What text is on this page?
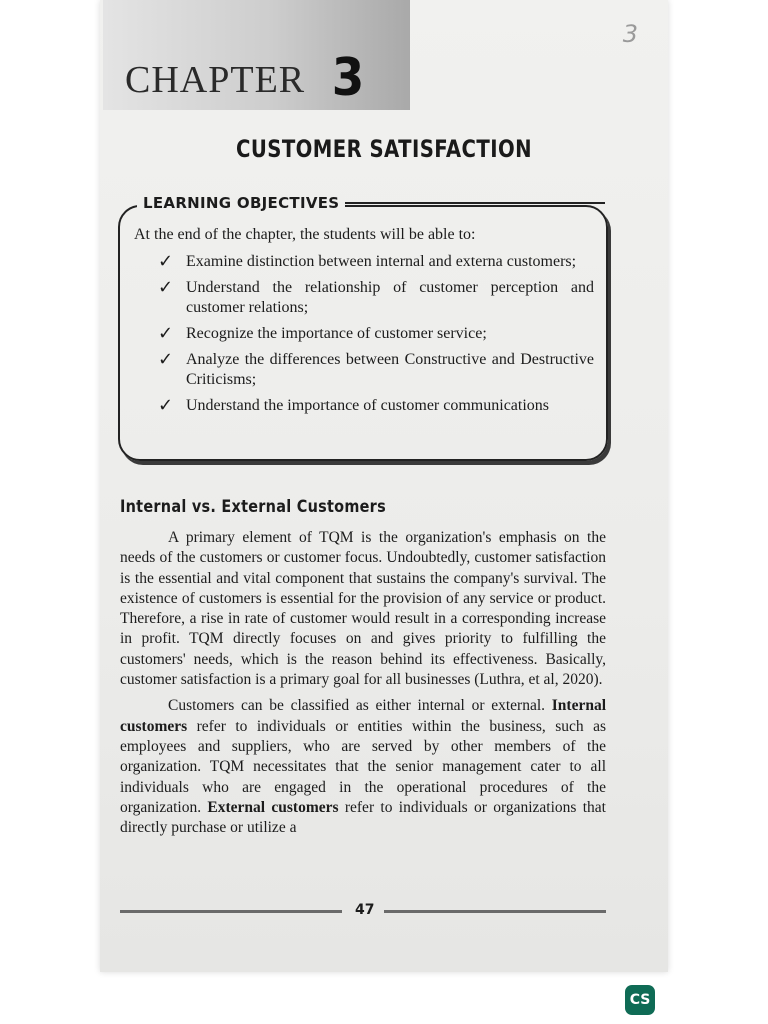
CHAPTER 3
3
CUSTOMER SATISFACTION
LEARNING OBJECTIVES
At the end of the chapter, the students will be able to:
✓ Examine distinction between internal and externa customers;
✓ Understand the relationship of customer perception and customer relations;
✓ Recognize the importance of customer service;
✓ Analyze the differences between Constructive and Destructive Criticisms;
✓ Understand the importance of customer communications
Internal vs. External Customers

A primary element of TQM is the organization's emphasis on the needs of the customers or customer focus. Undoubtedly, customer satisfaction is the essential and vital component that sustains the company's survival. The existence of customers is essential for the provision of any service or product. Therefore, a rise in rate of customer would result in a corresponding increase in profit. TQM directly focuses on and gives priority to fulfilling the customers' needs, which is the reason behind its effectiveness. Basically, customer satisfaction is a primary goal for all businesses (Luthra, et al, 2020).

Customers can be classified as either internal or external. Internal customers refer to individuals or entities within the business, such as employees and suppliers, who are served by other members of the organization. TQM necessitates that the senior management cater to all individuals who are engaged in the operational procedures of the organization. External customers refer to individuals or organizations that directly purchase or utilize a

47
CS
